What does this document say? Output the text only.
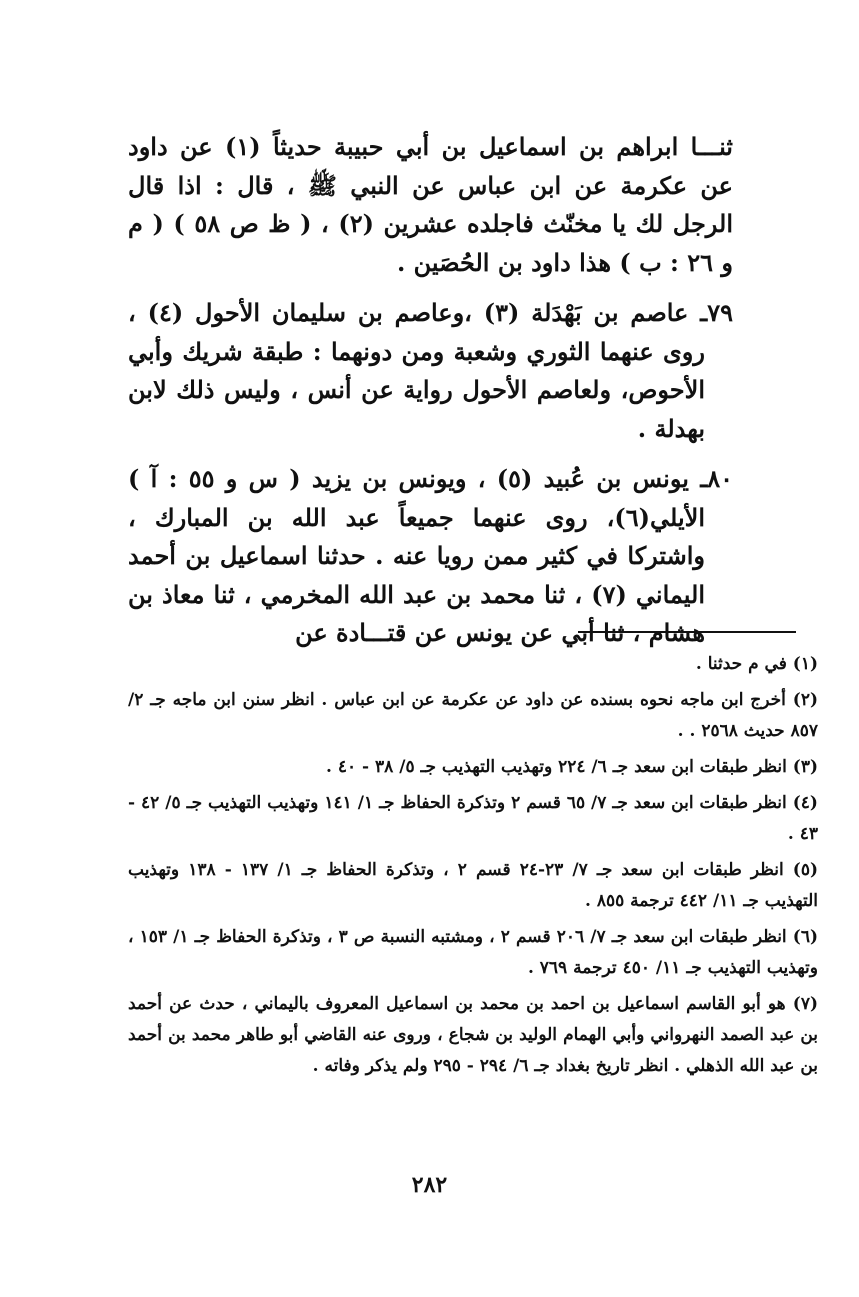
ثنـــا ابراهم بن اسماعيل بن أبي حبيبة حديثاً (١) عن داود عن عكرمة عن ابن عباس عن النبي ﷺ ، قال : اذا قال الرجل لك يا مخنّث فاجلده عشرين (٢) ، ( ظ ص ٥٨ ) ( م و ٢٦ : ب ) هذا داود بن الحُصَين .

٧٩ـ عاصم بن بَهْدَلة (٣) ،وعاصم بن سليمان الأحول (٤) ، روى عنهما الثوري وشعبة ومن دونهما : طبقة شريك وأبي الأحوص، ولعاصم الأحول رواية عن أنس ، وليس ذلك لابن بهدلة .

٨٠ـ يونس بن عُبيد (٥) ، ويونس بن يزيد ( س و ٥٥ : آ ) الأيلي(٦)، روى عنهما جميعاً عبد الله بن المبارك ، واشتركا في كثير ممن رويا عنه . حدثنا اسماعيل بن أحمد اليماني (٧) ، ثنا محمد بن عبد الله المخرمي ، ثنا معاذ بن هشام ، ثنا أبي عن يونس عن قتـــادة عن

(١) في م حدثنا .

(٢) أخرج ابن ماجه نحوه بسنده عن داود عن عكرمة عن ابن عباس . انظر سنن ابن ماجه جـ ٢/ ٨٥٧ حديث ٢٥٦٨ . .

(٣) انظر طبقات ابن سعد جـ ٦/ ٢٢٤ وتهذيب التهذيب جـ ٥/ ٣٨ - ٤٠ .

(٤) انظر طبقات ابن سعد جـ ٧/ ٦٥ قسم ٢ وتذكرة الحفاظ جـ ١/ ١٤١ وتهذيب التهذيب جـ ٥/ ٤٢ - ٤٣ .

(٥) انظر طبقات ابن سعد جـ ٧/ ٢٣-٢٤ قسم ٢ ، وتذكرة الحفاظ جـ ١/ ١٣٧ - ١٣٨ وتهذيب التهذيب جـ ١١/ ٤٤٢ ترجمة ٨٥٥ .

(٦) انظر طبقات ابن سعد جـ ٧/ ٢٠٦ قسم ٢ ، ومشتبه النسبة ص ٣ ، وتذكرة الحفاظ جـ ١/ ١٥٣ ، وتهذيب التهذيب جـ ١١/ ٤٥٠ ترجمة ٧٦٩ .

(٧) هو أبو القاسم اسماعيل بن احمد بن محمد بن اسماعيل المعروف باليماني ، حدث عن أحمد بن عبد الصمد النهرواني وأبي الهمام الوليد بن شجاع ، وروى عنه القاضي أبو طاهر محمد بن أحمد بن عبد الله الذهلي . انظر تاريخ بغداد جـ ٦/ ٢٩٤ - ٢٩٥ ولم يذكر وفاته .

٢٨٢
